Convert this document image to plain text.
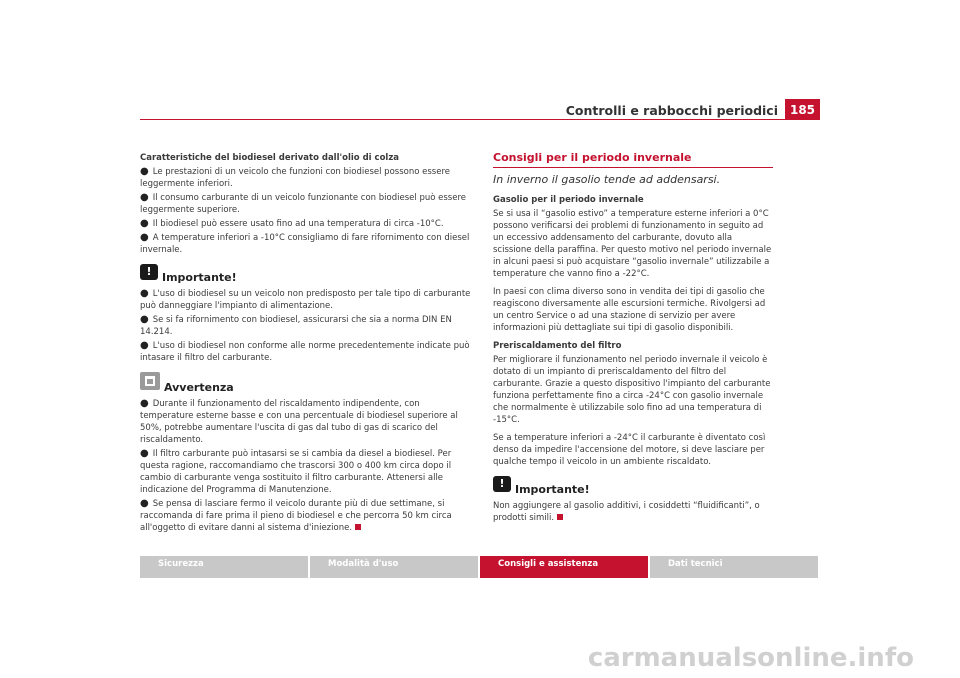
Controlli e rabbocchi periodici 185
Caratteristiche del biodiesel derivato dall'olio di colza
● Le prestazioni di un veicolo che funzioni con biodiesel possono essere leggermente inferiori.
● Il consumo carburante di un veicolo funzionante con biodiesel può essere leggermente superiore.
● Il biodiesel può essere usato fino ad una temperatura di circa -10°C.
● A temperature inferiori a -10°C consigliamo di fare rifornimento con diesel invernale.
! Importante!
● L'uso di biodiesel su un veicolo non predisposto per tale tipo di carburante può danneggiare l'impianto di alimentazione.
● Se si fa rifornimento con biodiesel, assicurarsi che sia a norma DIN EN 14.214.
● L'uso di biodiesel non conforme alle norme precedentemente indicate può intasare il filtro del carburante.
Avvertenza
● Durante il funzionamento del riscaldamento indipendente, con temperature esterne basse e con una percentuale di biodiesel superiore al 50%, potrebbe aumentare l'uscita di gas dal tubo di gas di scarico del riscaldamento.
● Il filtro carburante può intasarsi se si cambia da diesel a biodiesel. Per questa ragione, raccomandiamo che trascorsi 300 o 400 km circa dopo il cambio di carburante venga sostituito il filtro carburante. Attenersi alle indicazione del Programma di Manutenzione.
● Se pensa di lasciare fermo il veicolo durante più di due settimane, si raccomanda di fare prima il pieno di biodiesel e che percorra 50 km circa all'oggetto di evitare danni al sistema d'iniezione.
Consigli per il periodo invernale
In inverno il gasolio tende ad addensarsi.
Gasolio per il periodo invernale

Se si usa il “gasolio estivo” a temperature esterne inferiori a 0°C possono verificarsi dei problemi di funzionamento in seguito ad un eccessivo addensamento del carburante, dovuto alla scissione della paraffina. Per questo motivo nel periodo invernale in alcuni paesi si può acquistare “gasolio invernale” utilizzabile a temperature che vanno fino a -22°C.

In paesi con clima diverso sono in vendita dei tipi di gasolio che reagiscono diversamente alle escursioni termiche. Rivolgersi ad un centro Service o ad una stazione di servizio per avere informazioni più dettagliate sui tipi di gasolio disponibili.

Preriscaldamento del filtro

Per migliorare il funzionamento nel periodo invernale il veicolo è dotato di un impianto di preriscaldamento del filtro del carburante. Grazie a questo dispositivo l'impianto del carburante funziona perfettamente fino a circa -24°C con gasolio invernale che normalmente è utilizzabile solo fino ad una temperatura di -15°C.

Se a temperature inferiori a -24°C il carburante è diventato così denso da impedire l'accensione del motore, si deve lasciare per qualche tempo il veicolo in un ambiente riscaldato.

! Importante!

Non aggiungere al gasolio additivi, i cosiddetti “fluidificanti”, o prodotti simili.

Sicurezza	Modalità d'uso	Consigli e assistenza	Dati tecnici
carmanualsonline.info
